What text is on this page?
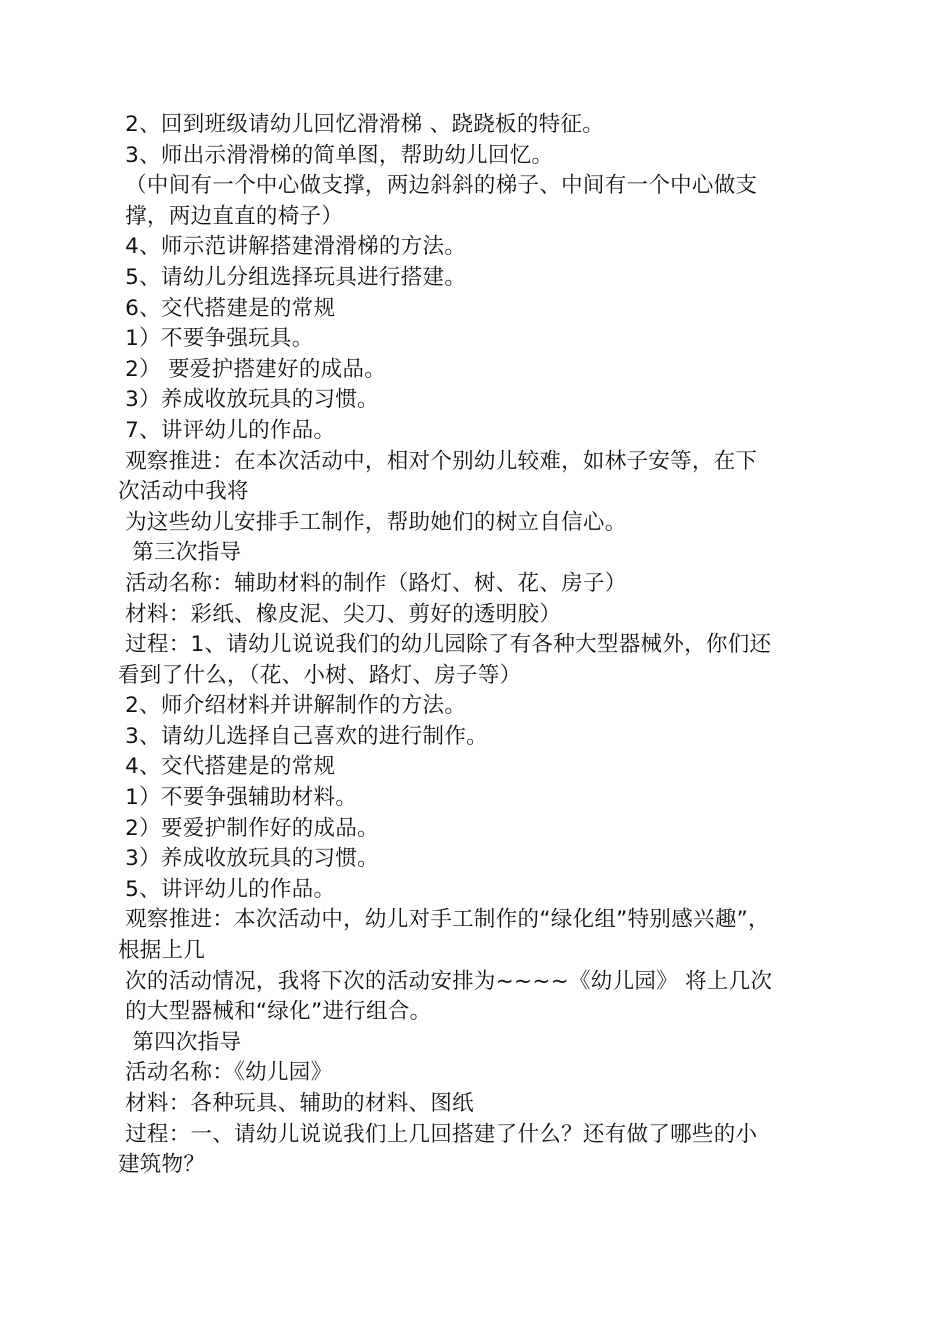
2、回到班级请幼儿回忆滑滑梯 、跷跷板的特征。
3、师出示滑滑梯的简单图，帮助幼儿回忆。
（中间有一个中心做支撑，两边斜斜的梯子、中间有一个中心做支
撑，两边直直的椅子）
4、师示范讲解搭建滑滑梯的方法。
5、请幼儿分组选择玩具进行搭建。
6、交代搭建是的常规
1）不要争强玩具。
2） 要爱护搭建好的成品。
3）养成收放玩具的习惯。
7、讲评幼儿的作品。
观察推进：在本次活动中，相对个别幼儿较难，如林子安等，在下
次活动中我将
为这些幼儿安排手工制作，帮助她们的树立自信心。
第三次指导
活动名称：辅助材料的制作（路灯、树、花、房子）
材料：彩纸、橡皮泥、尖刀、剪好的透明胶）
过程：1、请幼儿说说我们的幼儿园除了有各种大型器械外，你们还
看到了什么，（花、小树、路灯、房子等）
2、师介绍材料并讲解制作的方法。
3、请幼儿选择自己喜欢的进行制作。
4、交代搭建是的常规
1）不要争强辅助材料。
2）要爱护制作好的成品。
3）养成收放玩具的习惯。
5、讲评幼儿的作品。
观察推进：本次活动中，幼儿对手工制作的“绿化组”特别感兴趣”，
根据上几
次的活动情况，我将下次的活动安排为~~~~《幼儿园》 将上几次
的大型器械和“绿化”进行组合。
第四次指导
活动名称：《幼儿园》
材料：各种玩具、辅助的材料、图纸
过程：一、请幼儿说说我们上几回搭建了什么？还有做了哪些的小
建筑物？
